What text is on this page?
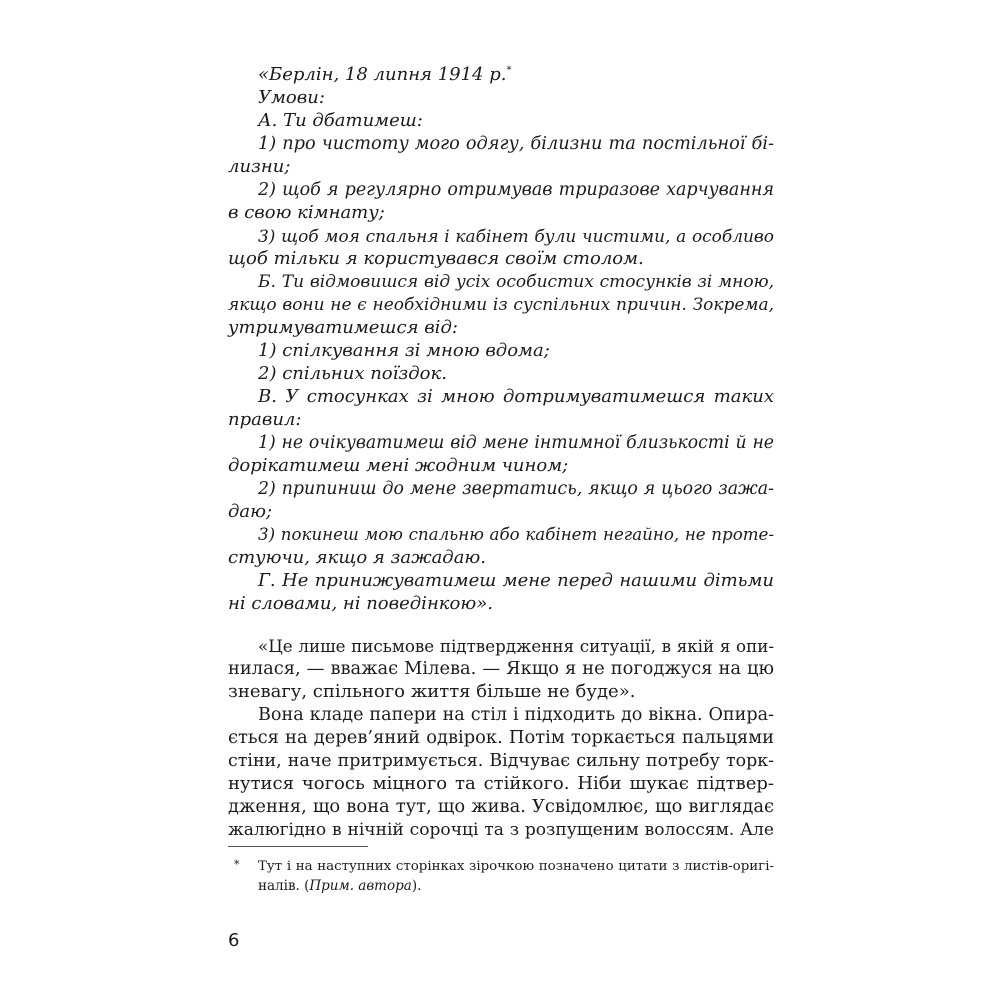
«Берлін, 18 липня 1914 р.*
Умови:
А. Ти дбатимеш:
1) про чистоту мого одягу, білизни та постільної бі-
лизни;
2) щоб я регулярно отримував триразове харчування
в свою кімнату;
3) щоб моя спальня і кабінет були чистими, а особливо
щоб тільки я користувався своїм столом.
Б. Ти відмовишся від усіх особистих стосунків зі мною,
якщо вони не є необхідними із суспільних причин. Зокрема,
утримуватимешся від:
1) спілкування зі мною вдома;
2) спільних поїздок.
В. У стосунках зі мною дотримуватимешся таких
правил:
1) не очікуватимеш від мене інтимної близькості й не
дорікатимеш мені жодним чином;
2) припиниш до мене звертатись, якщо я цього зажа-
даю;
3) покинеш мою спальню або кабінет негайно, не проте-
стуючи, якщо я зажадаю.
Г. Не принижуватимеш мене перед нашими дітьми
ні словами, ні поведінкою».
«Це лише письмове підтвердження ситуації, в якій я опи-
нилася, — вважає Мілева. — Якщо я не погоджуся на цю
зневагу, спільного життя більше не буде».
Вона кладе папери на стіл і підходить до вікна. Опира-
ється на дерев’яний одвірок. Потім торкається пальцями
стіни, наче притримується. Відчуває сильну потребу торк-
нутися чогось міцного та стійкого. Ніби шукає підтвер-
дження, що вона тут, що жива. Усвідомлює, що виглядає
жалюгідно в нічній сорочці та з розпущеним волоссям. Але
* Тут і на наступних сторінках зірочкою позначено цитати з листів-оригі-
налів. (Прим. автора).
6
